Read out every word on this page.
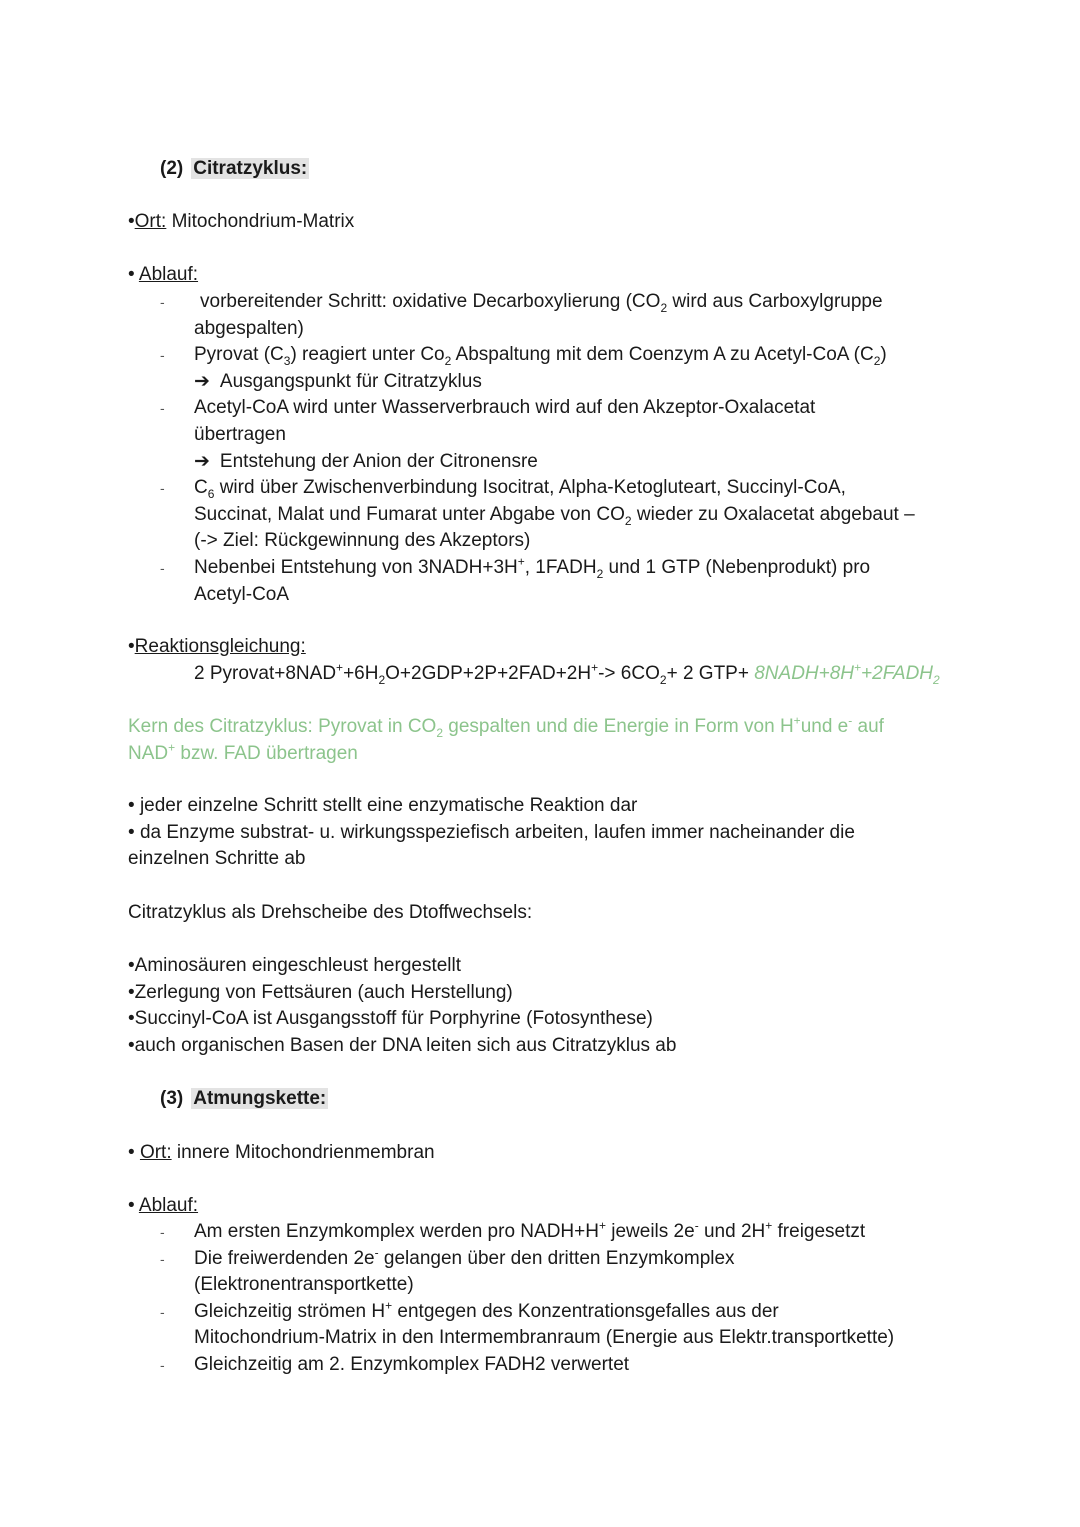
(2) Citratzyklus:
•Ort: Mitochondrium-Matrix
• Ablauf:
- vorbereitender Schritt: oxidative Decarboxylierung ($CO_2$ wird aus Carboxylgruppe
abgespalten)
- Pyrovat $(C_3)$ reagiert unter $Co_2$ Abspaltung mit dem Coenzym A zu Acetyl-CoA $(C_2)$
➔ Ausgangspunkt für Citratzyklus
- Acetyl-CoA wird unter Wasserverbrauch wird auf den Akzeptor-Oxalacetat
übertragen
➔ Entstehung der Anion der Citronensre
- $C_6$ wird über Zwischenverbindung Isocitrat, Alpha-Ketogluteart, Succinyl-CoA,
Succinat, Malat und Fumarat unter Abgabe von $CO_2$ wieder zu Oxalacetat abgebaut –
(-> Ziel: Rückgewinnung des Akzeptors)
- Nebenbei Entstehung von 3NADH+3H+, $1FADH_2$ und 1 GTP (Nebenprodukt) pro
Acetyl-CoA
•Reaktionsgleichung:
2 $Pyrovat+8NAD^++6H_2O+2GDP+2P+2FAD+2H^+-> 6CO_2+ 2$ $GTP+ 8NADH+8H^++2FADH_2$
Kern des Citratzyklus: Pyrovat in $CO_2$ gespalten und die Energie in Form von H+und e- auf
NAD+ bzw. FAD übertragen
• jeder einzelne Schritt stellt eine enzymatische Reaktion dar
• da Enzyme substrat- u. wirkungsspeziefisch arbeiten, laufen immer nacheinander die
einzelnen Schritte ab
Citratzyklus als Drehscheibe des Dtoffwechsels:
•Aminosäuren eingeschleust hergestellt
•Zerlegung von Fettsäuren (auch Herstellung)
•Succinyl-CoA ist Ausgangsstoff für Porphyrine (Fotosynthese)
•auch organischen Basen der DNA leiten sich aus Citratzyklus ab
(3) Atmungskette:
• Ort: innere Mitochondrienmembran
• Ablauf:
- Am ersten Enzymkomplex werden pro NADH+H+ jeweils 2e- und 2H+ freigesetzt
- Die freiwerdenden 2e- gelangen über den dritten Enzymkomplex
(Elektronentransportkette)
- Gleichzeitig strömen H+ entgegen des Konzentrationsgefalles aus der
Mitochondrium-Matrix in den Intermembranraum (Energie aus Elektr.transportkette)
- Gleichzeitig am 2. Enzymkomplex FADH2 verwertet
